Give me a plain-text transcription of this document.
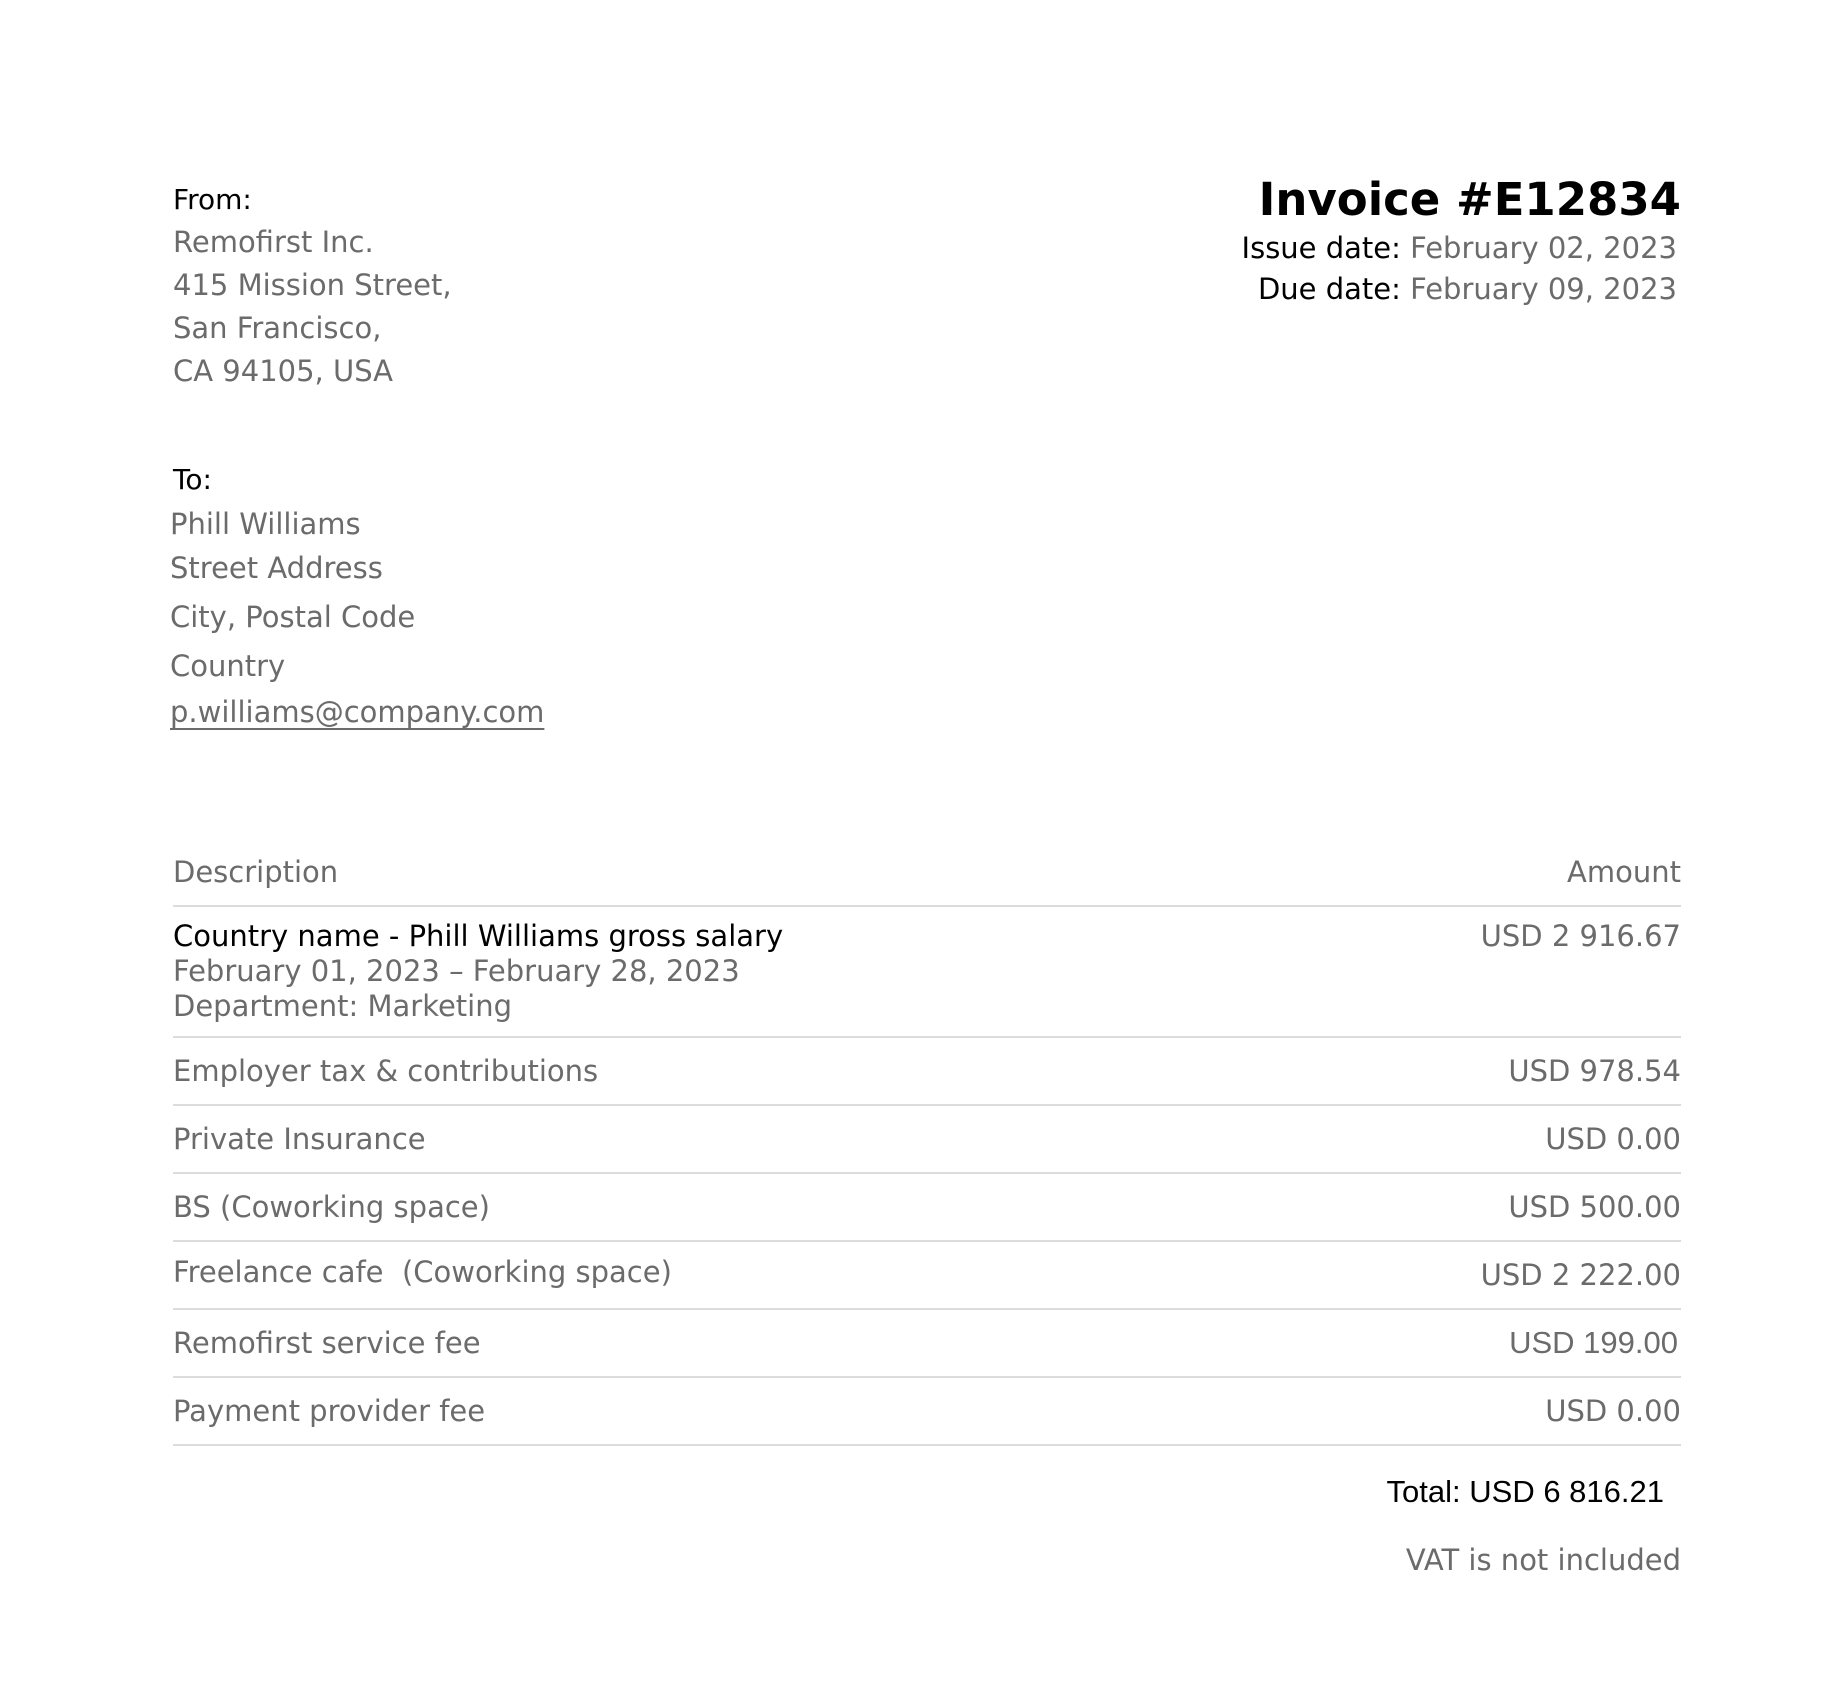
From:
Remofirst Inc.
415 Mission Street,
San Francisco,
CA 94105, USA
Invoice #E12834
Issue date: February 02, 2023
Due date: February 09, 2023
To:
Phill Williams
Street Address
City, Postal Code
Country
p.williams@company.com
Description	Amount
Country name - Phill Williams gross salary
February 01, 2023 – February 28, 2023
Department: Marketing
USD 2 916.67
Employer tax & contributions	USD 978.54
Private Insurance	USD 0.00
BS (Coworking space)	USD 500.00
Freelance cafe  (Coworking space)	USD 2 222.00
Remofirst service fee	USD 199.00
Payment provider fee	USD 0.00
Total: USD 6 816.21
VAT is not included
